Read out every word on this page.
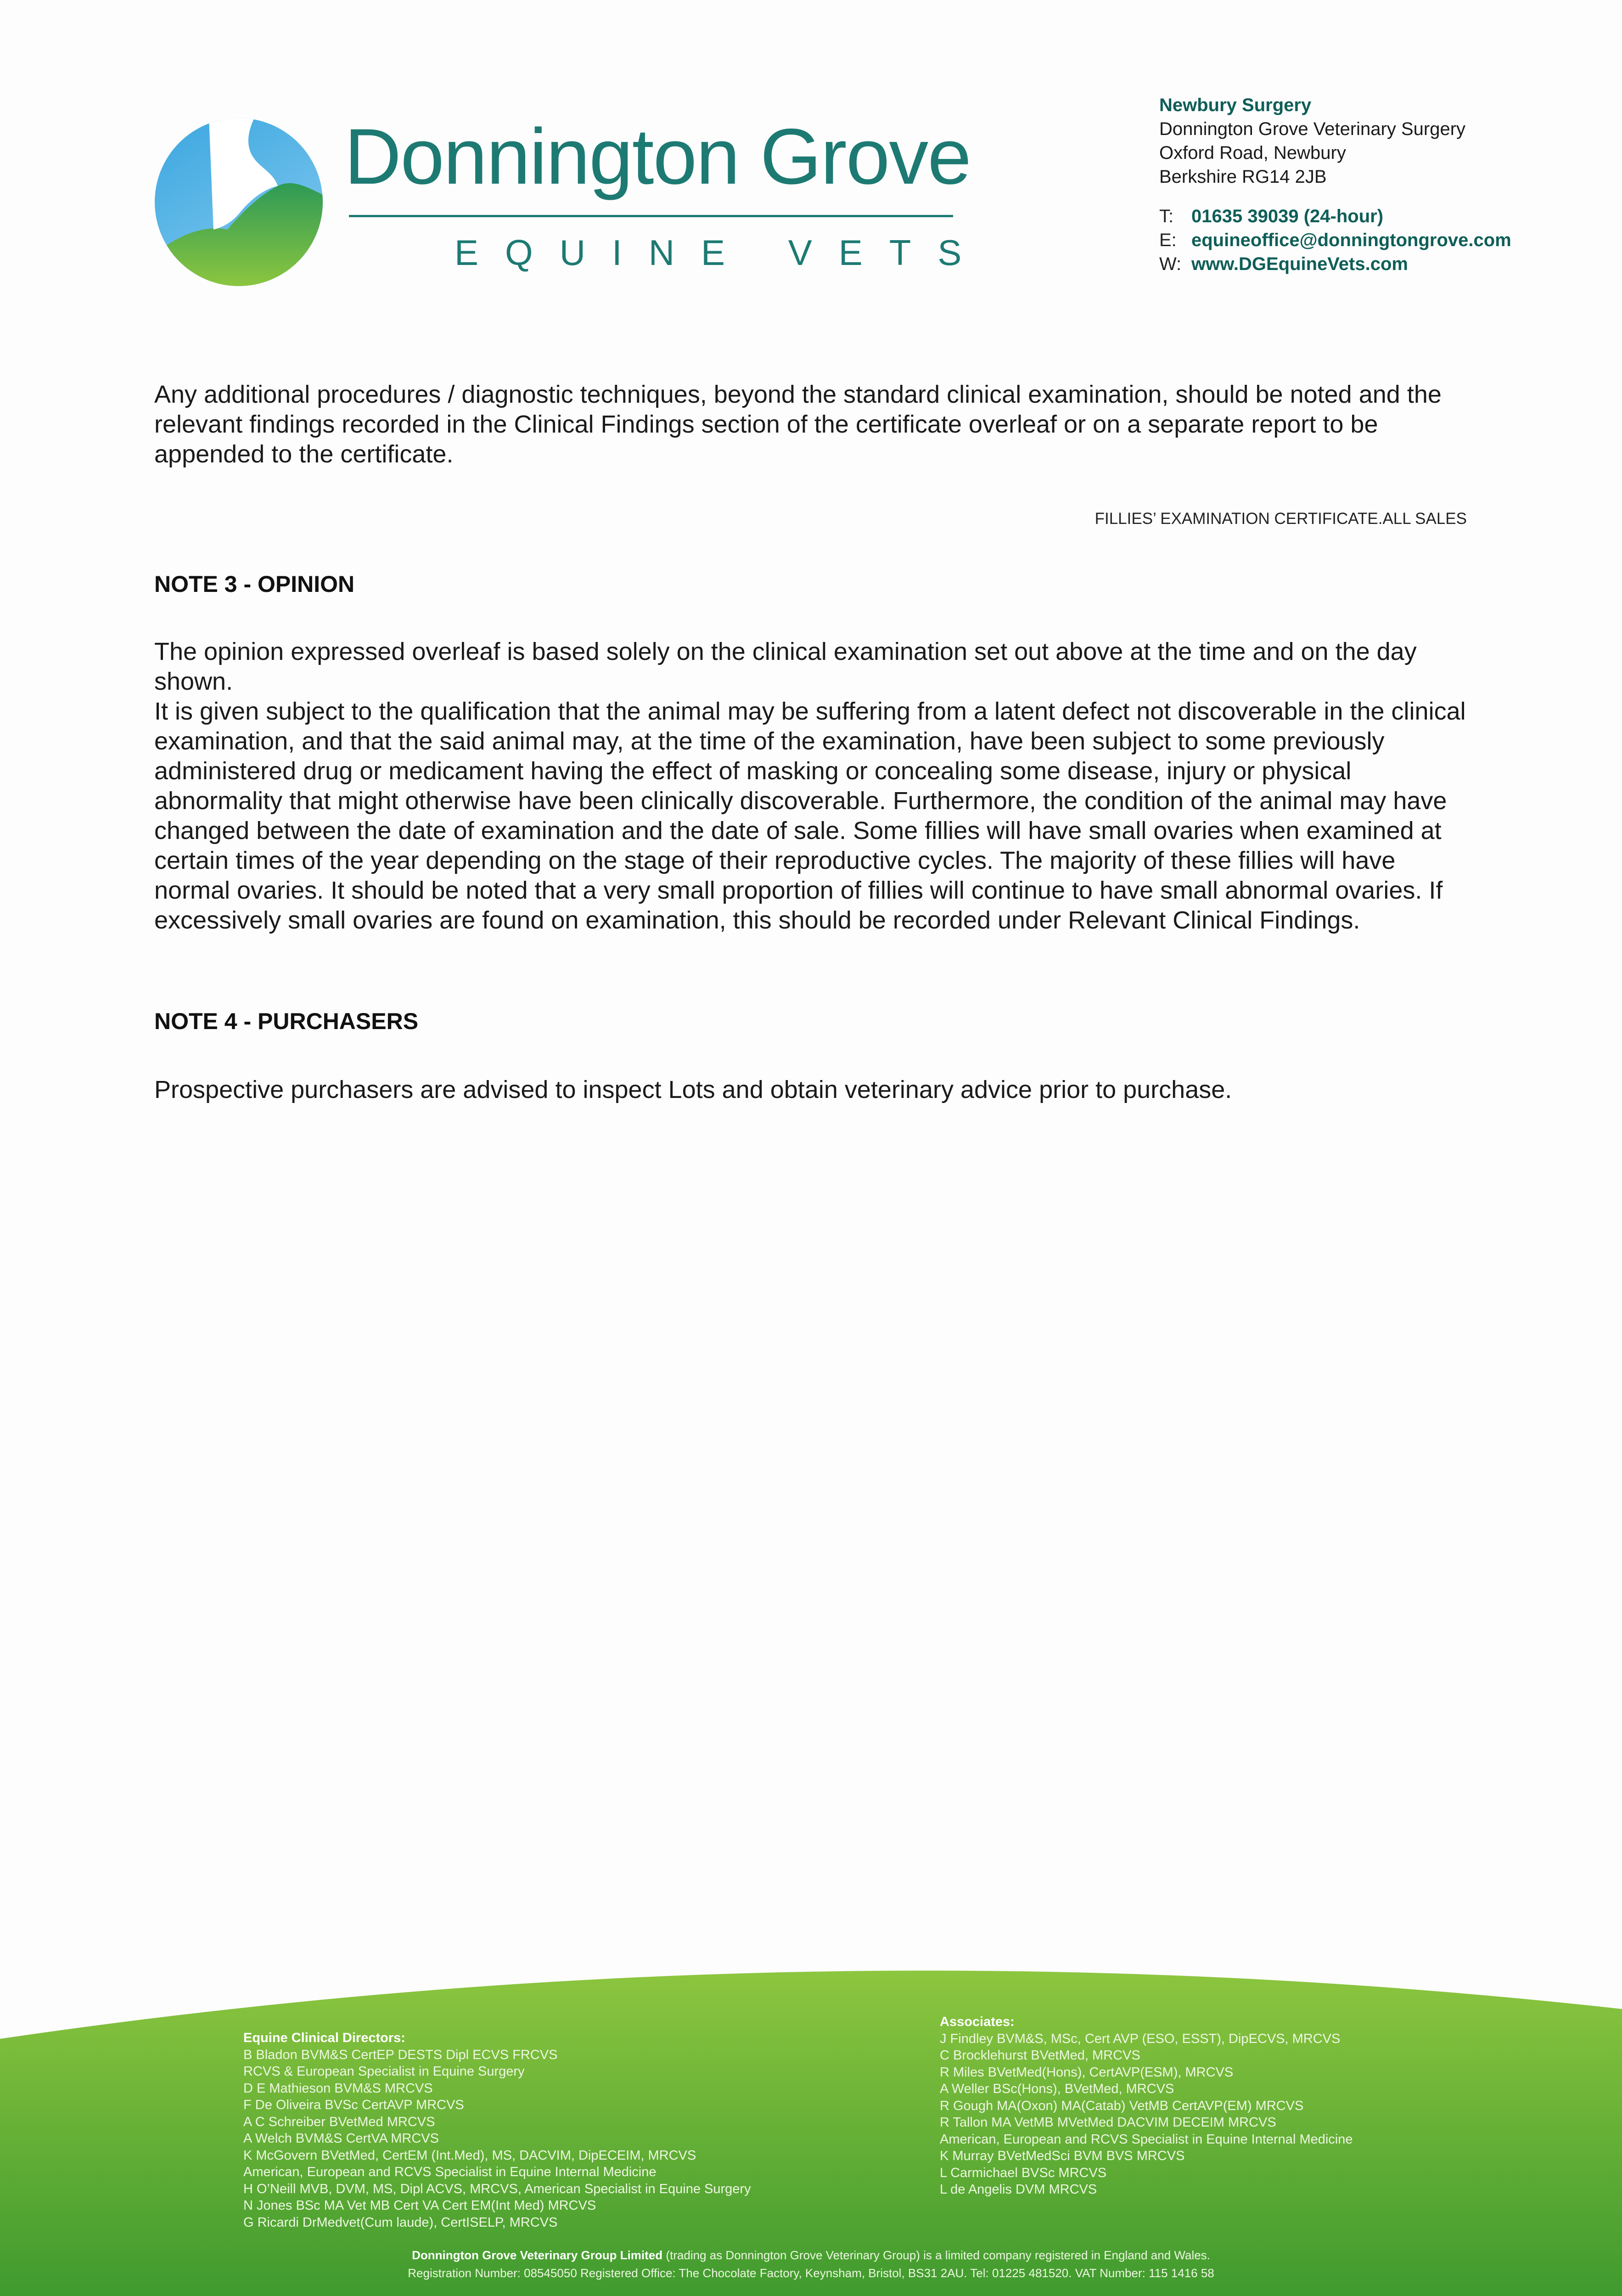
Donnington Grove
EQUINE VETS
Newbury Surgery
Donnington Grove Veterinary Surgery
Oxford Road, Newbury
Berkshire RG14 2JB
T: 01635 39039 (24-hour)
E: equineoffice@donningtongrove.com
W: www.DGEquineVets.com

Any additional procedures / diagnostic techniques, beyond the standard clinical examination, should be noted and the relevant findings recorded in the Clinical Findings section of the certificate overleaf or on a separate report to be appended to the certificate.

FILLIES’ EXAMINATION CERTIFICATE.ALL SALES
NOTE 3 - OPINION

The opinion expressed overleaf is based solely on the clinical examination set out above at the time and on the day shown.

It is given subject to the qualification that the animal may be suffering from a latent defect not discoverable in the clinical examination, and that the said animal may, at the time of the examination, have been subject to some previously administered drug or medicament having the effect of masking or concealing some disease, injury or physical abnormality that might otherwise have been clinically discoverable. Furthermore, the condition of the animal may have changed between the date of examination and the date of sale. Some fillies will have small ovaries when examined at certain times of the year depending on the stage of their reproductive cycles. The majority of these fillies will have normal ovaries. It should be noted that a very small proportion of fillies will continue to have small abnormal ovaries. If excessively small ovaries are found on examination, this should be recorded under Relevant Clinical Findings.

NOTE 4 - PURCHASERS

Prospective purchasers are advised to inspect Lots and obtain veterinary advice prior to purchase.

Equine Clinical Directors:
B Bladon BVM&S CertEP DESTS Dipl ECVS FRCVS
RCVS & European Specialist in Equine Surgery
D E Mathieson BVM&S MRCVS
F De Oliveira BVSc CertAVP MRCVS
A C Schreiber BVetMed MRCVS
A Welch BVM&S CertVA MRCVS
K McGovern BVetMed, CertEM (Int.Med), MS, DACVIM, DipECEIM, MRCVS
American, European and RCVS Specialist in Equine Internal Medicine
H O’Neill MVB, DVM, MS, Dipl ACVS, MRCVS, American Specialist in Equine Surgery
N Jones BSc MA Vet MB Cert VA Cert EM(Int Med) MRCVS
G Ricardi DrMedvet(Cum laude), CertISELP, MRCVS
Associates:
J Findley BVM&S, MSc, Cert AVP (ESO, ESST), DipECVS, MRCVS
C Brocklehurst BVetMed, MRCVS
R Miles BVetMed(Hons), CertAVP(ESM), MRCVS
A Weller BSc(Hons), BVetMed, MRCVS
R Gough MA(Oxon) MA(Catab) VetMB CertAVP(EM) MRCVS
R Tallon MA VetMB MVetMed DACVIM DECEIM MRCVS
American, European and RCVS Specialist in Equine Internal Medicine
K Murray BVetMedSci BVM BVS MRCVS
L Carmichael BVSc MRCVS
L de Angelis DVM MRCVS
Donnington Grove Veterinary Group Limited (trading as Donnington Grove Veterinary Group) is a limited company registered in England and Wales.
Registration Number: 08545050 Registered Office: The Chocolate Factory, Keynsham, Bristol, BS31 2AU. Tel: 01225 481520. VAT Number: 115 1416 58
